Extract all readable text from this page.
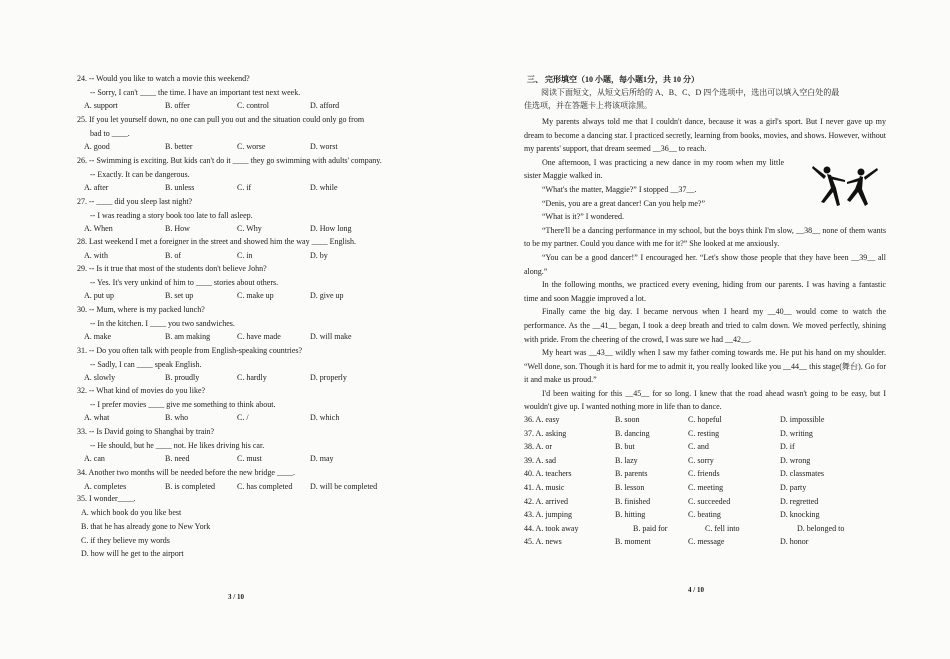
24. -- Would you like to watch a movie this weekend?
-- Sorry, I can't ____ the time. I have an important test next week.
A. support	B. offer	C. control	D. afford
25. If you let yourself down, no one can pull you out and the situation could only go from
bad to ____.
A. good	B. better	C. worse	D. worst
26. -- Swimming is exciting. But kids can't do it ____ they go swimming with adults' company.
-- Exactly. It can be dangerous.
A. after	B. unless	C. if	D. while
27. -- ____ did you sleep last night?
-- I was reading a story book too late to fall asleep.
A. When	B. How	C. Why	D. How long
28. Last weekend I met a foreigner in the street and showed him the way ____ English.
A. with	B. of	C. in	D. by
29. -- Is it true that most of the students don't believe John?
-- Yes. It's very unkind of him to ____ stories about others.
A. put up	B. set up	C. make up	D. give up
30. -- Mum, where is my packed lunch?
-- In the kitchen. I ____ you two sandwiches.
A. make	B. am making	C. have made	D. will make
31. -- Do you often talk with people from English-speaking countries?
-- Sadly, I can ____ speak English.
A. slowly	B. proudly	C. hardly	D. properly
32. -- What kind of movies do you like?
-- I prefer movies ____ give me something to think about.
A. what	B. who	C. /	D. which
33. -- Is David going to Shanghai by train?
-- He should, but he ____ not. He likes driving his car.
A. can	B. need	C. must	D. may
34. Another two months will be needed before the new bridge ____.
A. completes	B. is completed	C. has completed D. will be completed
35. I wonder____.
A. which book do you like best
B. that he has already gone to New York
C. if they believe my words
D. how will he get to the airport
3 / 10
三、 完形填空（10 小题，每小题1分，共 10 分）
阅读下面短文，从短文后所给的 A、B、C、D 四个选项中，选出可以填入空白处的最
佳选项，并在答题卡上将该项涂黑。

My parents always told me that I couldn't dance, because it was a girl's sport. But I never gave up my dream to become a dancing star. I practiced secretly, learning from books, movies, and shows. However, without my parents' support, that dream seemed __36__ to reach.

One afternoon, I was practicing a new dance in my room when my little sister Maggie walked in.

“What's the matter, Maggie?” I stopped __37__.

“Denis, you are a great dancer! Can you help me?”

“What is it?” I wondered.

“There'll be a dancing performance in my school, but the boys think I'm slow, __38__ none of them wants to be my partner. Could you dance with me for it?” She looked at me anxiously.

“You can be a good dancer!” I encouraged her. “Let's show those people that they have been __39__ all along.”

In the following months, we practiced every evening, hiding from our parents. I was having a fantastic time and soon Maggie improved a lot.

Finally came the big day. I became nervous when I heard my __40__ would come to watch the performance. As the __41__ began, I took a deep breath and tried to calm down. We moved perfectly, shining with pride. From the cheering of the crowd, I was sure we had __42__.

My heart was __43__ wildly when I saw my father coming towards me. He put his hand on my shoulder. “Well done, son. Though it is hard for me to admit it, you really looked like you __44__ this stage(舞台). Go for it and make us proud.”

I'd been waiting for this __45__ for so long. I knew that the road ahead wasn't going to be easy, but I wouldn't give up. I wanted nothing more in life than to dance.

36. A. easy	B. soon	C. hopeful	D. impossible
37. A. asking	B. dancing	C. resting	D. writing
38. A. or	B. but	C. and	D. if
39. A. sad	B. lazy	C. sorry	D. wrong
40. A. teachers	B. parents	C. friends	D. classmates
41. A. music	B. lesson	C. meeting	D. party
42. A. arrived	B. finished	C. succeeded	D. regretted
43. A. jumping	B. hitting	C. beating	D. knocking
44. A. took away	B. paid for	C. fell into	D. belonged to
45. A. news	B. moment	C. message	D. honor
4 / 10
